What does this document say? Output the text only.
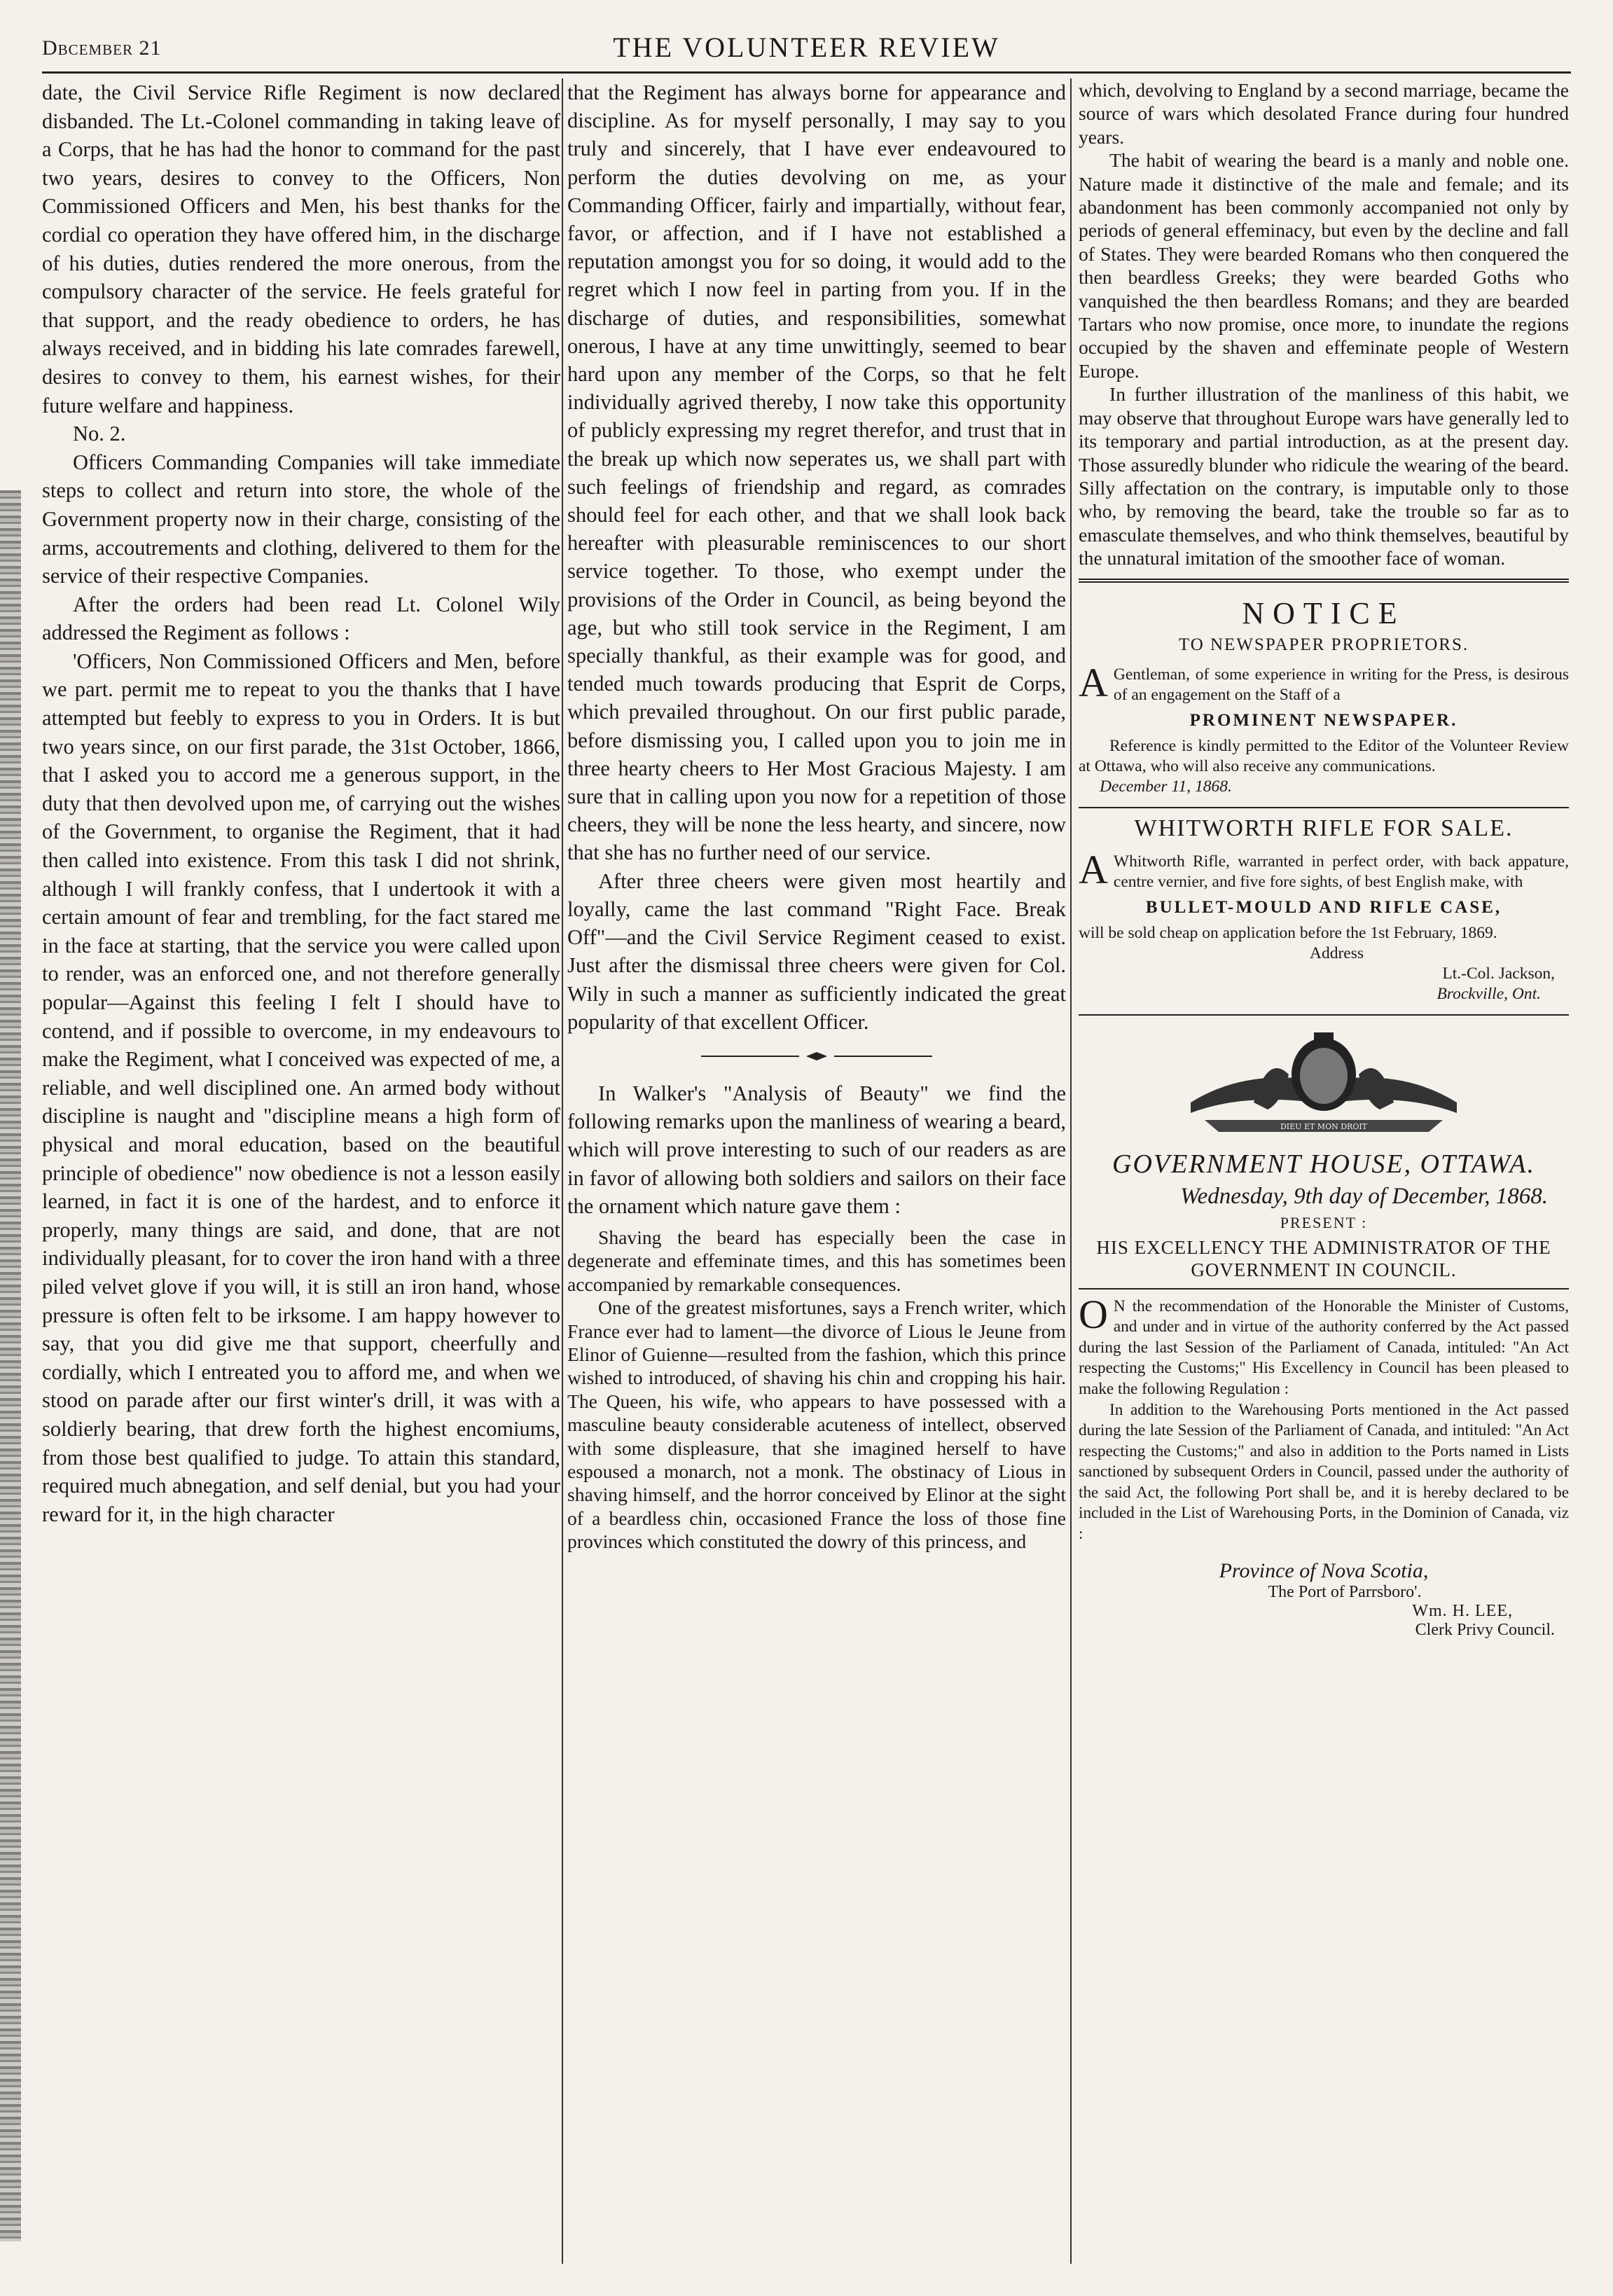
Dbcember 21	THE VOLUNTEER REVIEW

date, the Civil Service Rifle Regiment is now declared disbanded. The Lt.-Colonel commanding in taking leave of a Corps, that he has had the honor to command for the past two years, desires to convey to the Officers, Non Commissioned Officers and Men, his best thanks for the cordial co operation they have offered him, in the discharge of his duties, duties rendered the more onerous, from the compulsory character of the service. He feels grateful for that support, and the ready obedience to orders, he has always received, and in bidding his late comrades farewell, desires to convey to them, his earnest wishes, for their future welfare and happiness.

No. 2.

Officers Commanding Companies will take immediate steps to collect and return into store, the whole of the Government property now in their charge, consisting of the arms, accoutrements and clothing, delivered to them for the service of their respective Companies.

After the orders had been read Lt. Colonel Wily addressed the Regiment as follows :

'Officers, Non Commissioned Officers and Men, before we part. permit me to repeat to you the thanks that I have attempted but feebly to express to you in Orders. It is but two years since, on our first parade, the 31st October, 1866, that I asked you to accord me a generous support, in the duty that then devolved upon me, of carrying out the wishes of the Government, to organise the Regiment, that it had then called into existence. From this task I did not shrink, although I will frankly confess, that I undertook it with a certain amount of fear and trembling, for the fact stared me in the face at starting, that the service you were called upon to render, was an enforced one, and not therefore generally popular—Against this feeling I felt I should have to contend, and if possible to overcome, in my endeavours to make the Regiment, what I conceived was expected of me, a reliable, and well disciplined one. An armed body without discipline is naught and "discipline means a high form of physical and moral education, based on the beautiful principle of obedience" now obedience is not a lesson easily learned, in fact it is one of the hardest, and to enforce it properly, many things are said, and done, that are not individually pleasant, for to cover the iron hand with a three piled velvet glove if you will, it is still an iron hand, whose pressure is often felt to be irksome. I am happy however to say, that you did give me that support, cheerfully and cordially, which I entreated you to afford me, and when we stood on parade after our first winter's drill, it was with a soldierly bearing, that drew forth the highest encomiums, from those best qualified to judge. To attain this standard, required much abnegation, and self denial, but you had your reward for it, in the high character

that the Regiment has always borne for appearance and discipline. As for myself personally, I may say to you truly and sincerely, that I have ever endeavoured to perform the duties devolving on me, as your Commanding Officer, fairly and impartially, without fear, favor, or affection, and if I have not established a reputation amongst you for so doing, it would add to the regret which I now feel in parting from you. If in the discharge of duties, and responsibilities, somewhat onerous, I have at any time unwittingly, seemed to bear hard upon any member of the Corps, so that he felt individually agrived thereby, I now take this opportunity of publicly expressing my regret therefor, and trust that in the break up which now seperates us, we shall part with such feelings of friendship and regard, as comrades should feel for each other, and that we shall look back hereafter with pleasurable reminiscences to our short service together. To those, who exempt under the provisions of the Order in Council, as being beyond the age, but who still took service in the Regiment, I am specially thankful, as their example was for good, and tended much towards producing that Esprit de Corps, which prevailed throughout. On our first public parade, before dismissing you, I called upon you to join me in three hearty cheers to Her Most Gracious Majesty. I am sure that in calling upon you now for a repetition of those cheers, they will be none the less hearty, and sincere, now that she has no further need of our service.

After three cheers were given most heartily and loyally, came the last command "Right Face. Break Off"—and the Civil Service Regiment ceased to exist. Just after the dismissal three cheers were given for Col. Wily in such a manner as sufficiently indicated the great popularity of that excellent Officer.

In Walker's "Analysis of Beauty" we find the following remarks upon the manliness of wearing a beard, which will prove interesting to such of our readers as are in favor of allowing both soldiers and sailors on their face the ornament which nature gave them :

Shaving the beard has especially been the case in degenerate and effeminate times, and this has sometimes been accompanied by remarkable consequences.

One of the greatest misfortunes, says a French writer, which France ever had to lament—the divorce of Lious le Jeune from Elinor of Guienne—resulted from the fashion, which this prince wished to introduced, of shaving his chin and cropping his hair. The Queen, his wife, who appears to have possessed with a masculine beauty considerable acuteness of intellect, observed with some displeasure, that she imagined herself to have espoused a monarch, not a monk. The obstinacy of Lious in shaving himself, and the horror conceived by Elinor at the sight of a beardless chin, occasioned France the loss of those fine provinces which constituted the dowry of this princess, and

which, devolving to England by a second marriage, became the source of wars which desolated France during four hundred years.

The habit of wearing the beard is a manly and noble one. Nature made it distinctive of the male and female; and its abandonment has been commonly accompanied not only by periods of general effeminacy, but even by the decline and fall of States. They were bearded Romans who then conquered the then beardless Greeks; they were bearded Goths who vanquished the then beardless Romans; and they are bearded Tartars who now promise, once more, to inundate the regions occupied by the shaven and effeminate people of Western Europe.

In further illustration of the manliness of this habit, we may observe that throughout Europe wars have generally led to its temporary and partial introduction, as at the present day. Those assuredly blunder who ridicule the wearing of the beard. Silly affectation on the contrary, is imputable only to those who, by removing the beard, take the trouble so far as to emasculate themselves, and who think themselves, beautiful by the unnatural imitation of the smoother face of woman.

NOTICE
TO NEWSPAPER PROPRIETORS.
A Gentleman, of some experience in writing for the Press, is desirous of an engagement on the Staff of a
PROMINENT NEWSPAPER.
Reference is kindly permitted to the Editor of the Volunteer Review at Ottawa, who will also receive any communications.
December 11, 1868.
WHITWORTH RIFLE FOR SALE.
A Whitworth Rifle, warranted in perfect order, with back appature, centre vernier, and five fore sights, of best English make, with
BULLET-MOULD AND RIFLE CASE,
will be sold cheap on application before the 1st February, 1869.
Address
Lt.-Col. Jackson,
Brockville, Ont.
DIEU ET MON DROIT
GOVERNMENT HOUSE, OTTAWA.
Wednesday, 9th day of December, 1868.
PRESENT :
HIS EXCELLENCY THE ADMINISTRATOR OF THE GOVERNMENT IN COUNCIL.
O N the recommendation of the Honorable the Minister of Customs, and under and in virtue of the authority conferred by the Act passed during the last Session of the Parliament of Canada, intituled: "An Act respecting the Customs;" His Excellency in Council has been pleased to make the following Regulation :
In addition to the Warehousing Ports mentioned in the Act passed during the late Session of the Parliament of Canada, and intituled: "An Act respecting the Customs;" and also in addition to the Ports named in Lists sanctioned by subsequent Orders in Council, passed under the authority of the said Act, the following Port shall be, and it is hereby declared to be included in the List of Warehousing Ports, in the Dominion of Canada, viz :
Province of Nova Scotia,
The Port of Parrsboro'.
Wm. H. LEE,
Clerk Privy Council.
